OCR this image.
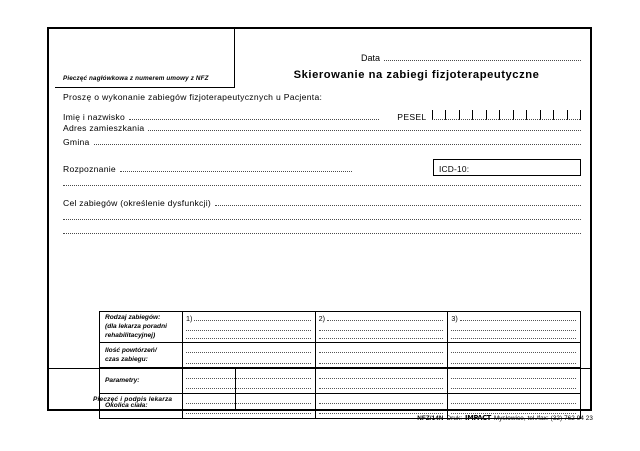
Pieczęć nagłówkowa z numerem umowy z NFZ
Data
Skierowanie na zabiegi fizjoterapeutyczne
Proszę o wykonanie zabiegów fizjoterapeutycznych u Pacjenta:
Imię i nazwisko	PESEL
Adres zamieszkania
Gmina
Rozpoznanie	ICD-10:
Cel zabiegów (określenie dysfunkcji)
Rodzaj zabiegów:
(dla lekarza poradni
rehabilitacyjnej)
1)	2)	3)
Ilość powtórzeń/
czas zabiegu:
Parametry:
Okolica ciała:
Pieczęć i podpis lekarza
NFZ/14N Druk: IMPACT Mysłowice, tel./fax: (32) 762 94 23
